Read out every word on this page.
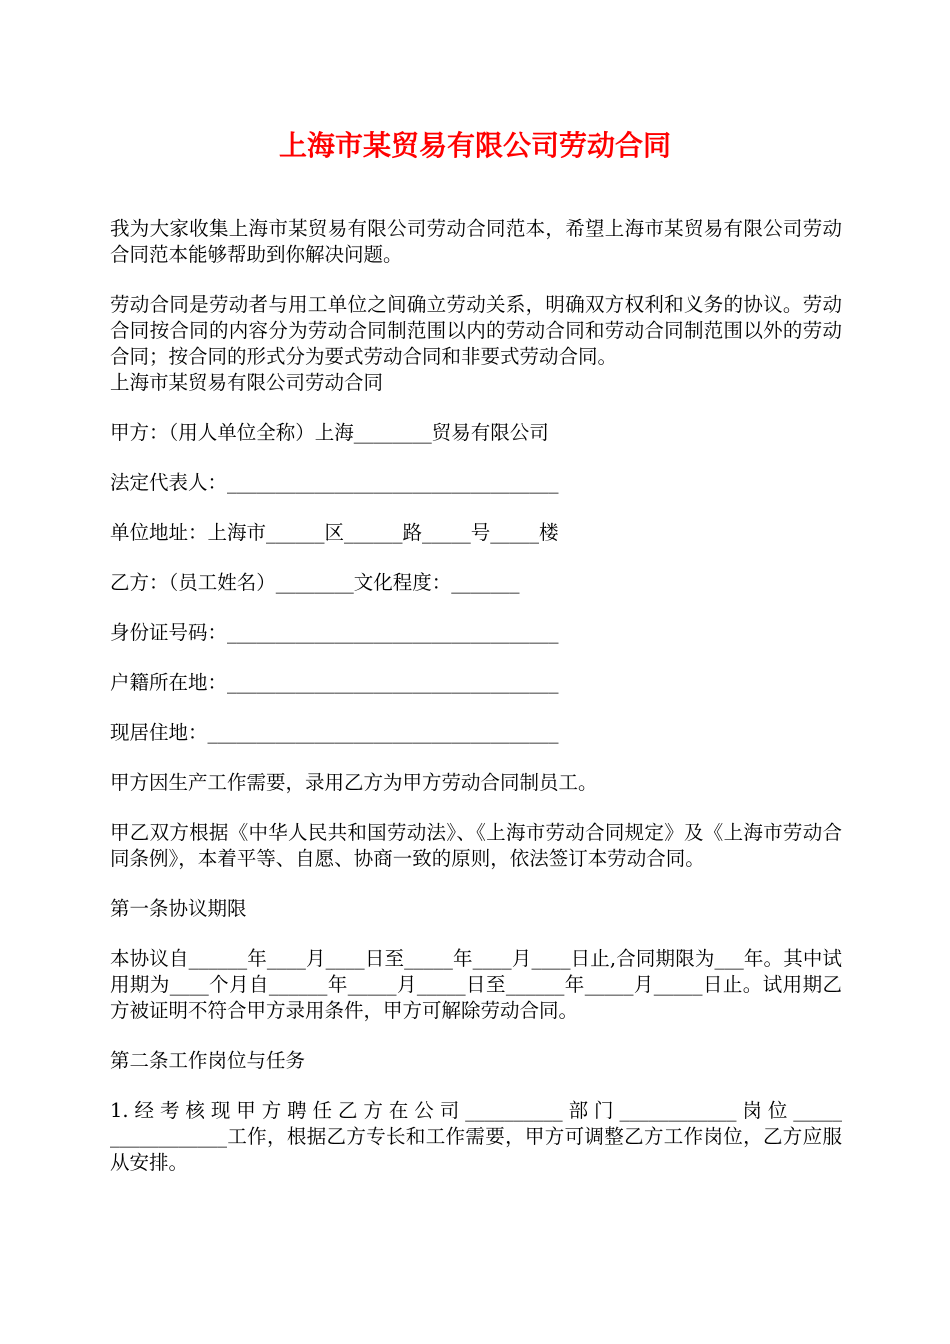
上海市某贸易有限公司劳动合同

我为大家收集上海市某贸易有限公司劳动合同范本，希望上海市某贸易有限公司劳动合同范本能够帮助到你解决问题。

劳动合同是劳动者与用工单位之间确立劳动关系，明确双方权利和义务的协议。劳动合同按合同的内容分为劳动合同制范围以内的劳动合同和劳动合同制范围以外的劳动合同；按合同的形式分为要式劳动合同和非要式劳动合同。

上海市某贸易有限公司劳动合同

甲方：（用人单位全称）上海________贸易有限公司

法定代表人：__________________________________

单位地址：上海市______区______路_____号_____楼

乙方：（员工姓名）________文化程度：_______

身份证号码：__________________________________

户籍所在地：__________________________________

现居住地：____________________________________

甲方因生产工作需要，录用乙方为甲方劳动合同制员工。

甲乙双方根据《中华人民共和国劳动法》、《上海市劳动合同规定》及《上海市劳动合同条例》，本着平等、自愿、协商一致的原则，依法签订本劳动合同。

第一条协议期限

本协议自______年____月____日至_____年____月____日止,合同期限为___年。其中试用期为____个月自______年_____月_____日至______年_____月_____日止。试用期乙方被证明不符合甲方录用条件，甲方可解除劳动合同。

第二条工作岗位与任务

1.经考核现甲方聘任乙方在公司__________部门____________岗位_____ ____________工作，根据乙方专长和工作需要，甲方可调整乙方工作岗位，乙方应服从安排。
